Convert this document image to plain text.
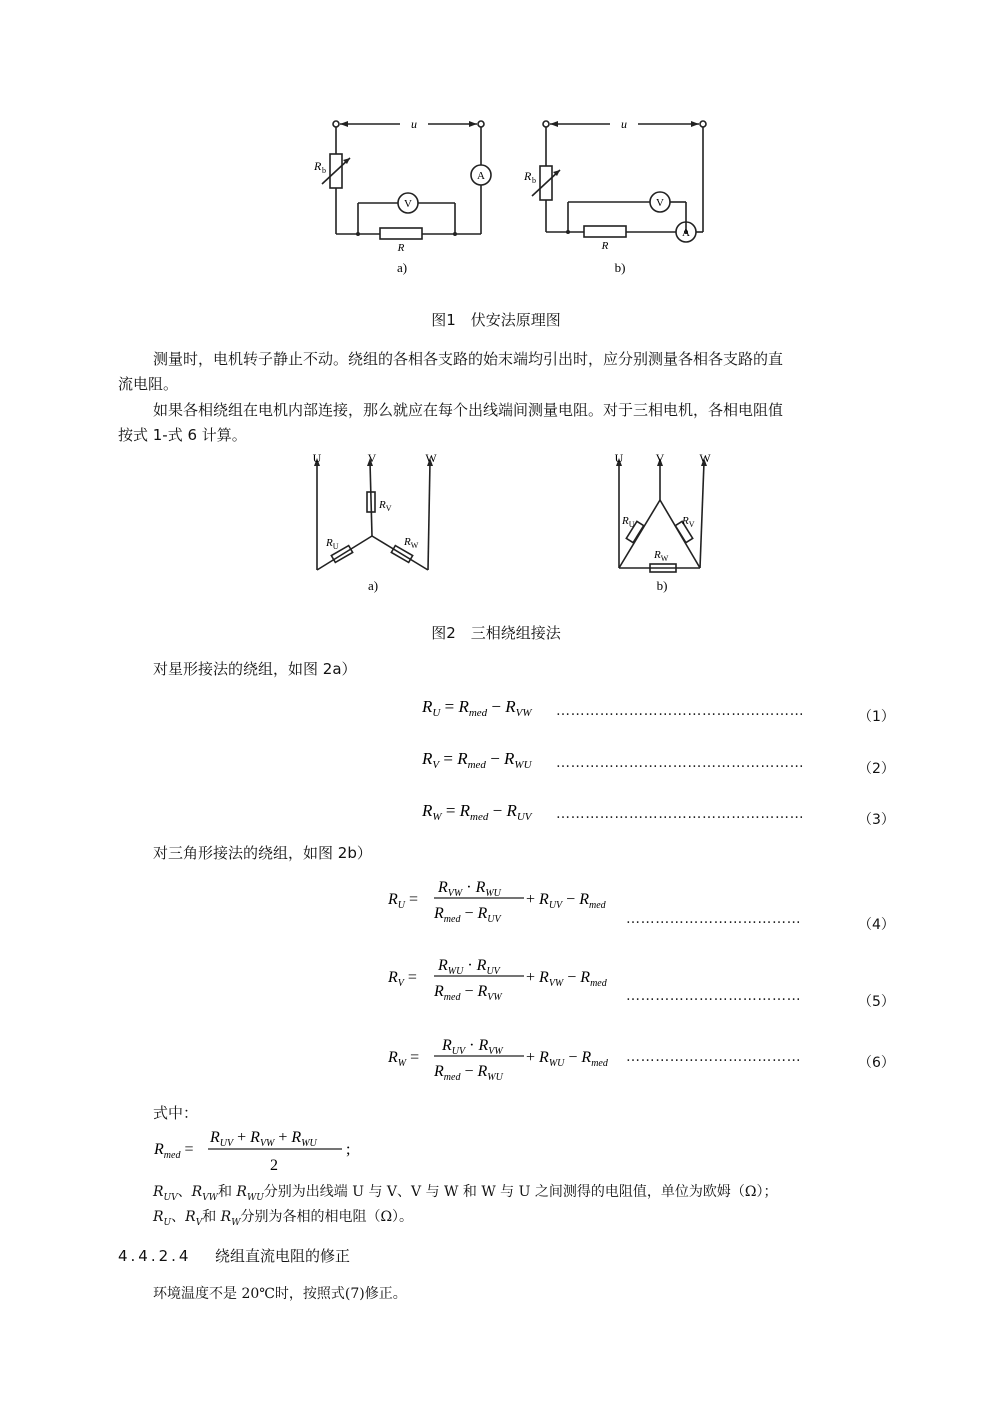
u	u
R b	R b
R	R
A
V
A
V
a)	b)
图1　伏安法原理图
测量时，电机转子静止不动。绕组的各相各支路的始末端均引出时，应分别测量各相各支路的直
流电阻。
如果各相绕组在电机内部连接，那么就应在每个出线端间测量电阻。对于三相电机，各相电阻值
按式 1-式 6 计算。
U	V	W	U	V	W
$R_V$
$R_U$	$R_W$
$R_U$	$R_V$
$R_W$
a)	b)
图2　三相绕组接法
对星形接法的绕组，如图 2a）
$R_U = R_{med} - R_{VW}$
$R_V = R_{med} - R_{WU}$
$R_W = R_{med} - R_{UV}$
……………………………………………	（1）
……………………………………………	（2）
……………………………………………	（3）
对三角形接法的绕组，如图 2b）
$R_U$ =
$R_{VW} \cdot R_{WU}$
$R_{med} - R_{UV}$
+ $R_{UV} - R_{med}$
$R_V$ =
$R_{WU} \cdot R_{UV}$
$R_{med} - R_{VW}$
+ $R_{VW} - R_{med}$
$R_W$ =
$R_{UV} \cdot R_{VW}$
$R_{med} - R_{WU}$
+ $R_{WU} - R_{med}$
………………………………	（4）
………………………………	（5）
………………………………	（6）
式中：
$R_{med}$ =
$R_{UV} + R_{VW} + R_{WU}$
2
;
$R_{UV}$、$R_{VW}$和 $R_{WU}$分别为出线端 U 与 V、V 与 W 和 W 与 U 之间测得的电阻值，单位为欧姆（Ω）；
$R_U$、$R_V$和 $R_W$分别为各相的相电阻（Ω）。
4.4.2.4 绕组直流电阻的修正
环境温度不是 20℃时，按照式(7)修正。
